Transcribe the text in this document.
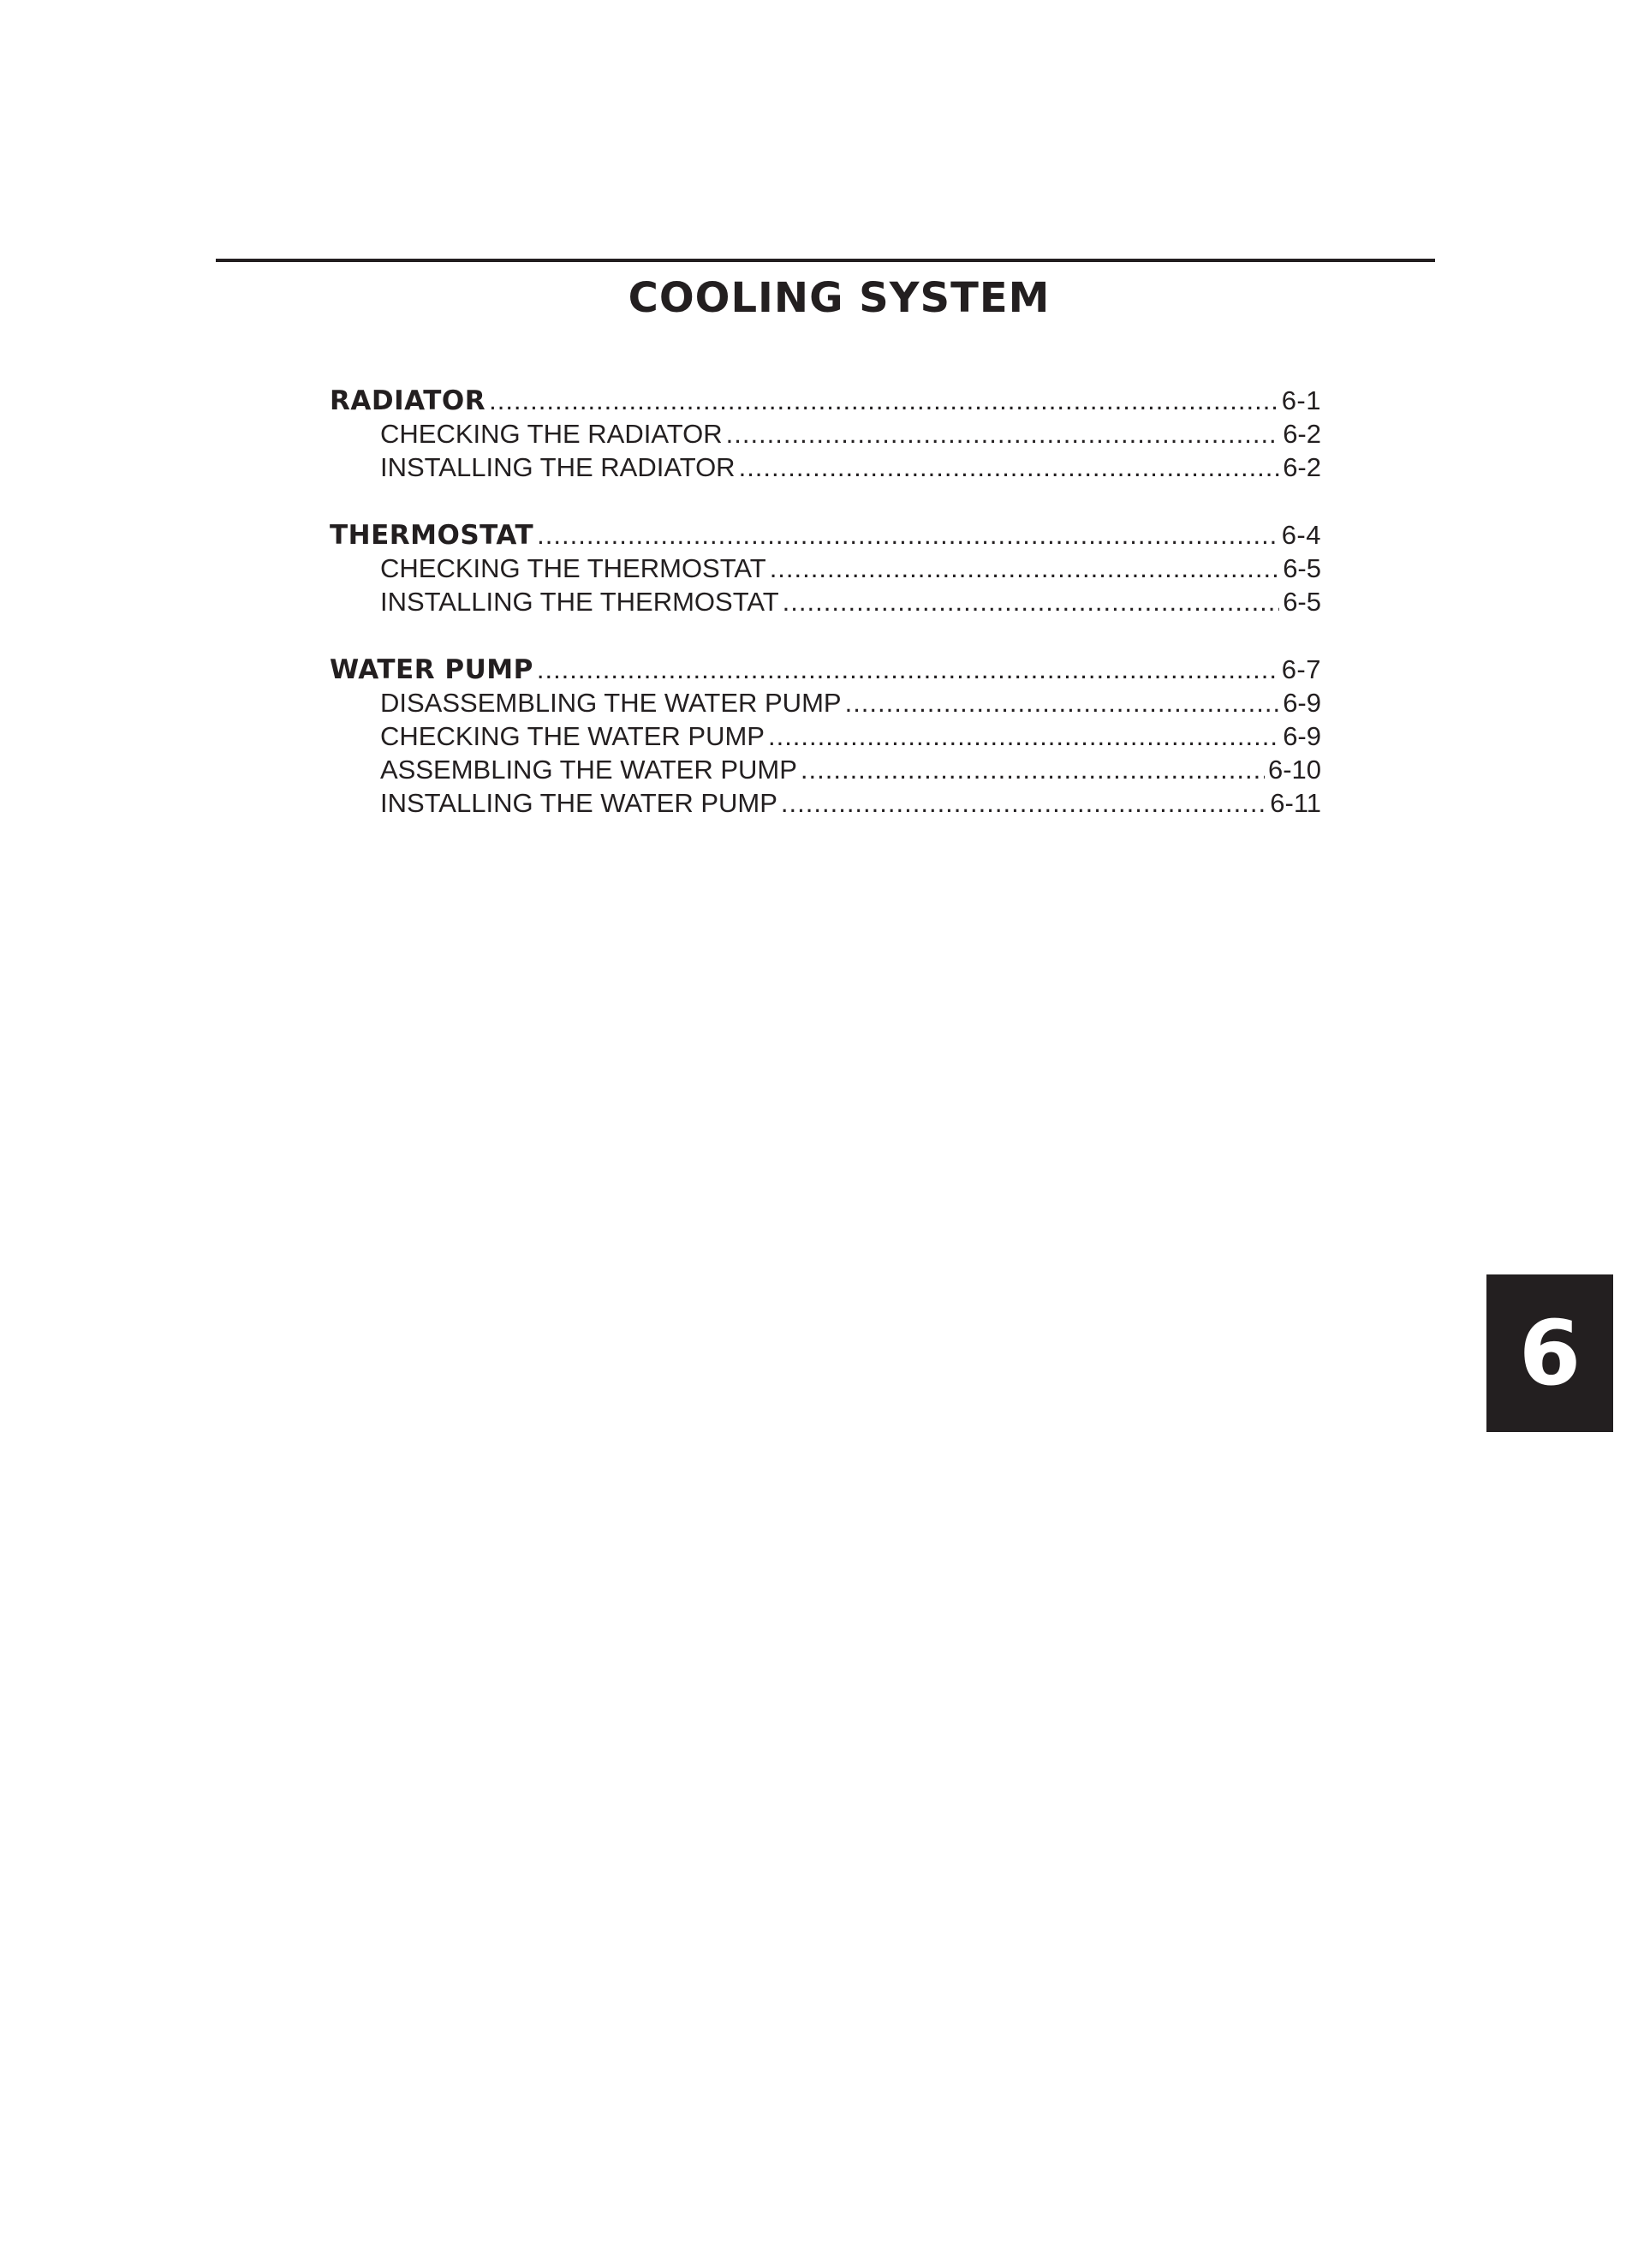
COOLING SYSTEM
RADIATOR .....	6-1
CHECKING THE RADIATOR .....	6-2
INSTALLING THE RADIATOR .....	6-2
THERMOSTAT .....	6-4
CHECKING THE THERMOSTAT .....	6-5
INSTALLING THE THERMOSTAT .....	6-5
WATER PUMP .....	6-7
DISASSEMBLING THE WATER PUMP .....	6-9
CHECKING THE WATER PUMP .....	6-9
ASSEMBLING THE WATER PUMP .....	6-10
INSTALLING THE WATER PUMP .....	6-11
6
